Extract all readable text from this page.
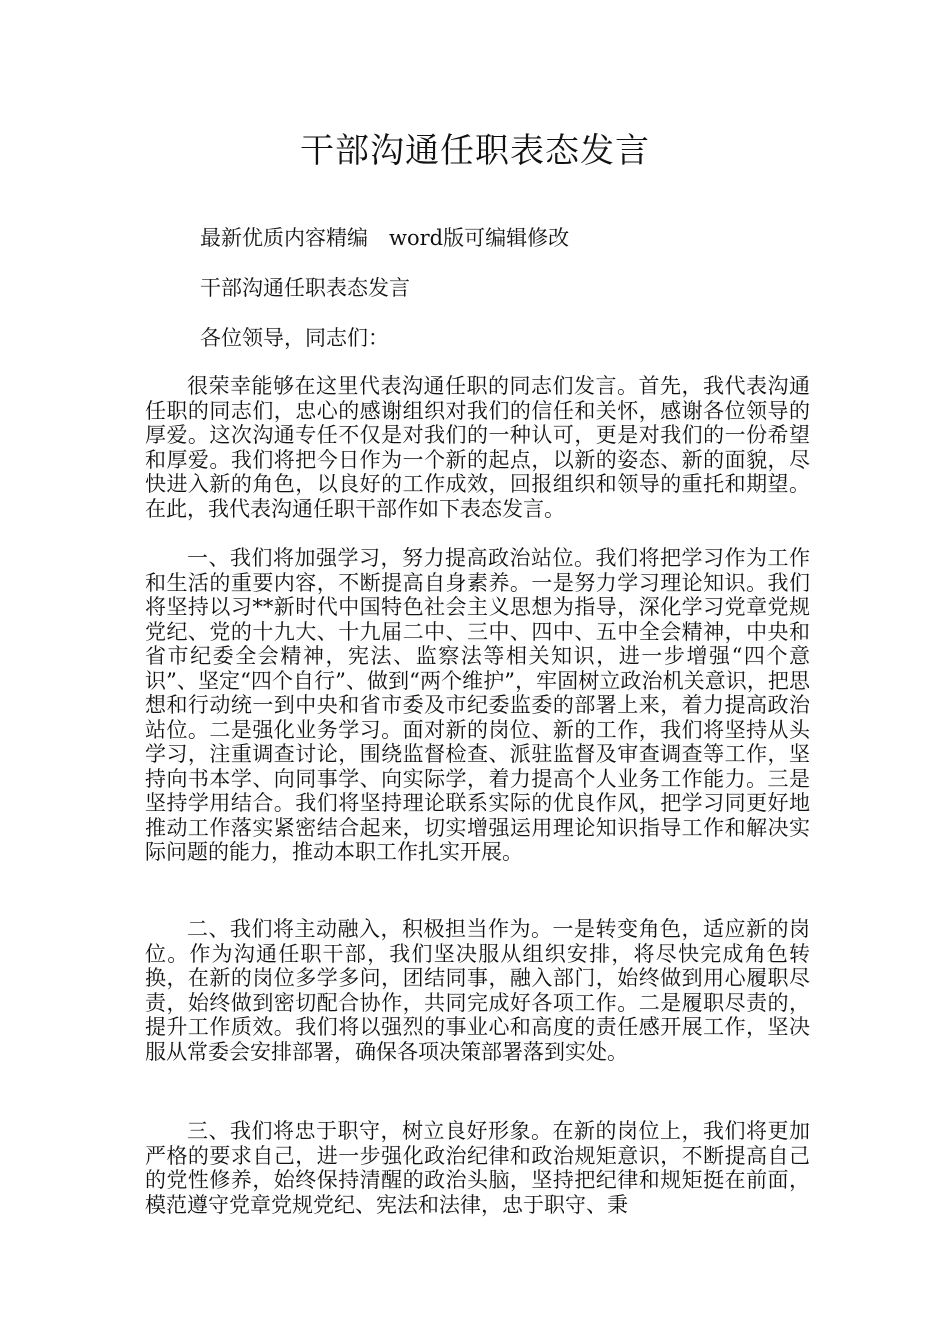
干部沟通任职表态发言

最新优质内容精编　word版可编辑修改

干部沟通任职表态发言

各位领导，同志们：

很荣幸能够在这里代表沟通任职的同志们发言。首先，我代表沟通任职的同志们，忠心的感谢组织对我们的信任和关怀，感谢各位领导的厚爱。这次沟通专任不仅是对我们的一种认可，更是对我们的一份希望和厚爱。我们将把今日作为一个新的起点，以新的姿态、新的面貌，尽快进入新的角色，以良好的工作成效，回报组织和领导的重托和期望。在此，我代表沟通任职干部作如下表态发言。

一、我们将加强学习，努力提高政治站位。我们将把学习作为工作和生活的重要内容，不断提高自身素养。一是努力学习理论知识。我们将坚持以习**新时代中国特色社会主义思想为指导，深化学习党章党规党纪、党的十九大、十九届二中、三中、四中、五中全会精神，中央和省市纪委全会精神，宪法、监察法等相关知识，进一步增强“四个意识”、坚定“四个自行”、做到“两个维护”，牢固树立政治机关意识，把思想和行动统一到中央和省市委及市纪委监委的部署上来，着力提高政治站位。二是强化业务学习。面对新的岗位、新的工作，我们将坚持从头学习，注重调查讨论，围绕监督检查、派驻监督及审查调查等工作，坚持向书本学、向同事学、向实际学，着力提高个人业务工作能力。三是坚持学用结合。我们将坚持理论联系实际的优良作风，把学习同更好地推动工作落实紧密结合起来，切实增强运用理论知识指导工作和解决实际问题的能力，推动本职工作扎实开展。

二、我们将主动融入，积极担当作为。一是转变角色，适应新的岗位。作为沟通任职干部，我们坚决服从组织安排，将尽快完成角色转换，在新的岗位多学多问，团结同事，融入部门，始终做到用心履职尽责，始终做到密切配合协作，共同完成好各项工作。二是履职尽责的，提升工作质效。我们将以强烈的事业心和高度的责任感开展工作，坚决服从常委会安排部署，确保各项决策部署落到实处。

三、我们将忠于职守，树立良好形象。在新的岗位上，我们将更加严格的要求自己，进一步强化政治纪律和政治规矩意识，不断提高自己的党性修养，始终保持清醒的政治头脑，坚持把纪律和规矩挺在前面，模范遵守党章党规党纪、宪法和法律，忠于职守、秉
